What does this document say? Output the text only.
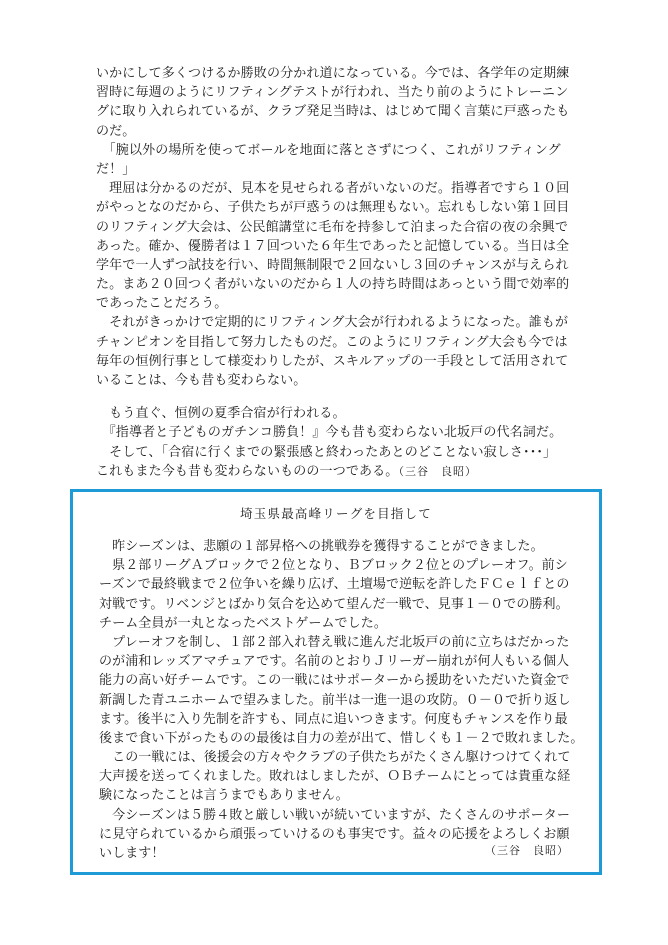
いかにして多くつけるか勝敗の分かれ道になっている。今では、各学年の定期練
習時に毎週のようにリフティングテストが行われ、当たり前のようにトレーニン
グに取り入れられているが、クラブ発足当時は、はじめて聞く言葉に戸惑ったも
のだ。
　「腕以外の場所を使ってボールを地面に落とさずにつく、これがリフティング
だ！」
　理屈は分かるのだが、見本を見せられる者がいないのだ。指導者ですら１０回
がやっとなのだから、子供たちが戸惑うのは無理もない。忘れもしない第１回目
のリフティング大会は、公民館講堂に毛布を持参して泊まった合宿の夜の余興で
あった。確か、優勝者は１７回ついた６年生であったと記憶している。当日は全
学年で一人ずつ試技を行い、時間無制限で２回ないし３回のチャンスが与えられ
た。まあ２０回つく者がいないのだから１人の持ち時間はあっという間で効率的
であったことだろう。
　それがきっかけで定期的にリフティング大会が行われるようになった。誰もが
チャンピオンを目指して努力したものだ。このようにリフティング大会も今では
毎年の恒例行事として様変わりしたが、スキルアップの一手段として活用されて
いることは、今も昔も変わらない。
　もう直ぐ、恒例の夏季合宿が行われる。
　『指導者と子どものガチンコ勝負！』今も昔も変わらない北坂戸の代名詞だ。
　そして、「合宿に行くまでの緊張感と終わったあとのどことない寂しさ･･･」
これもまた今も昔も変わらないものの一つである。（三谷　良昭）
埼玉県最高峰リーグを目指して
　昨シーズンは、悲願の１部昇格への挑戦券を獲得することができました。
　県２部リーグＡブロックで２位となり、Ｂブロック２位とのプレーオフ。前シ
ーズンで最終戦まで２位争いを繰り広げ、土壇場で逆転を許したＦＣｅｌｆとの
対戦です。リベンジとばかり気合を込めて望んだ一戦で、見事１－０での勝利。
チーム全員が一丸となったベストゲームでした。
　プレーオフを制し、１部２部入れ替え戦に進んだ北坂戸の前に立ちはだかった
のが浦和レッズアマチュアです。名前のとおりＪリーガー崩れが何人もいる個人
能力の高い好チームです。この一戦にはサポーターから援助をいただいた資金で
新調した青ユニホームで望みました。前半は一進一退の攻防。０－０で折り返し
ます。後半に入り先制を許すも、同点に追いつきます。何度もチャンスを作り最
後まで食い下がったものの最後は自力の差が出て、惜しくも１－２で敗れました。
　この一戦には、後援会の方々やクラブの子供たちがたくさん駆けつけてくれて
大声援を送ってくれました。敗れはしましたが、ＯＢチームにとっては貴重な経
験になったことは言うまでもありません。
　今シーズンは５勝４敗と厳しい戦いが続いていますが、たくさんのサポーター
に見守られているから頑張っていけるのも事実です。益々の応援をよろしくお願
いします！	（三谷　良昭）
